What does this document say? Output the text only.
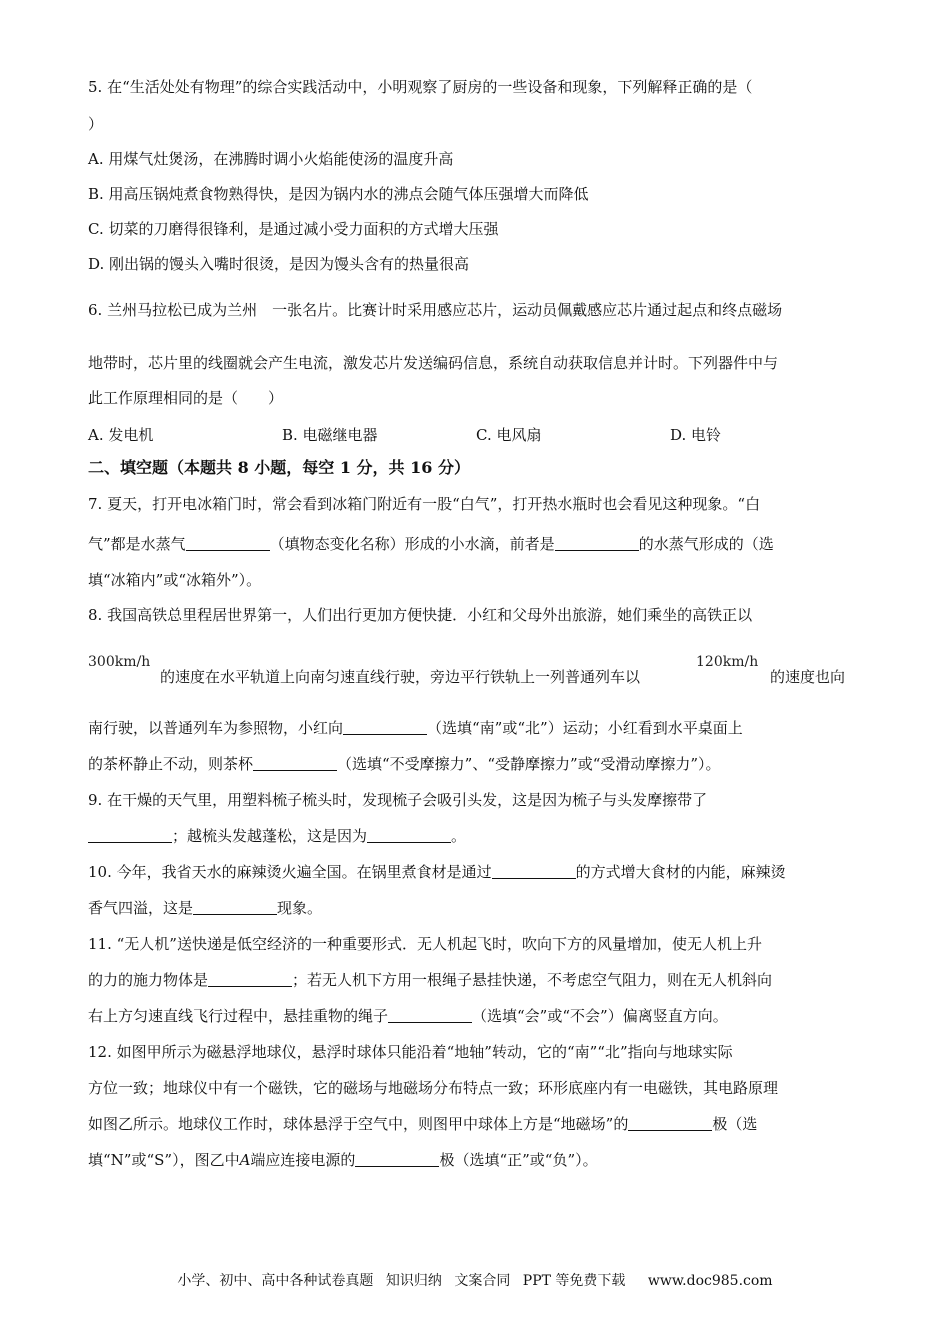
5. 在“生活处处有物理”的综合实践活动中，小明观察了厨房的一些设备和现象，下列解释正确的是（
）
A. 用煤气灶煲汤，在沸腾时调小火焰能使汤的温度升高
B. 用高压锅炖煮食物熟得快，是因为锅内水的沸点会随气体压强增大而降低
C. 切菜的刀磨得很锋利，是通过减小受力面积的方式增大压强
D. 刚出锅的馒头入嘴时很烫，是因为馒头含有的热量很高
6. 兰州马拉松已成为兰州　一张名片。比赛计时采用感应芯片，运动员佩戴感应芯片通过起点和终点磁场
地带时，芯片里的线圈就会产生电流，激发芯片发送编码信息，系统自动获取信息并计时。下列器件中与
此工作原理相同的是（　　）
A. 发电机	B. 电磁继电器	C. 电风扇	D. 电铃
二、填空题（本题共 8 小题，每空 1 分，共 16 分）
7. 夏天，打开电冰箱门时，常会看到冰箱门附近有一股“白气”，打开热水瓶时也会看见这种现象。“白
气”都是水蒸气	（填物态变化名称）形成的小水滴，前者是	的水蒸气形成的（选
填“冰箱内”或“冰箱外”）。
8. 我国高铁总里程居世界第一，人们出行更加方便快捷．小红和父母外出旅游，她们乘坐的高铁正以
300km/h
的速度在水平轨道上向南匀速直线行驶，旁边平行铁轨上一列普通列车以
120km/h
的速度也向
南行驶，以普通列车为参照物，小红向	（选填“南”或“北”）运动；小红看到水平桌面上
的茶杯静止不动，则茶杯	（选填“不受摩擦力”、“受静摩擦力”或“受滑动摩擦力”）。
9. 在干燥的天气里，用塑料梳子梳头时，发现梳子会吸引头发，这是因为梳子与头发摩擦带了
；越梳头发越蓬松，这是因为	。
10. 今年，我省天水的麻辣烫火遍全国。在锅里煮食材是通过	的方式增大食材的内能，麻辣烫
香气四溢，这是	现象。
11. “无人机”送快递是低空经济的一种重要形式．无人机起飞时，吹向下方的风量增加，使无人机上升
的力的施力物体是	；若无人机下方用一根绳子悬挂快递，不考虑空气阻力，则在无人机斜向
右上方匀速直线飞行过程中，悬挂重物的绳子	（选填“会”或“不会”）偏离竖直方向。
12. 如图甲所示为磁悬浮地球仪，悬浮时球体只能沿着“地轴”转动，它的“南”“北”指向与地球实际
方位一致；地球仪中有一个磁铁，它的磁场与地磁场分布特点一致；环形底座内有一电磁铁，其电路原理
如图乙所示。地球仪工作时，球体悬浮于空气中，则图甲中球体上方是“地磁场”的	极（选
填“N”或“S”），图乙中A端应连接电源的	极（选填“正”或“负”）。
小学、初中、高中各种试卷真题 知识归纳 文案合同 PPT 等免费下载 www.doc985.com
